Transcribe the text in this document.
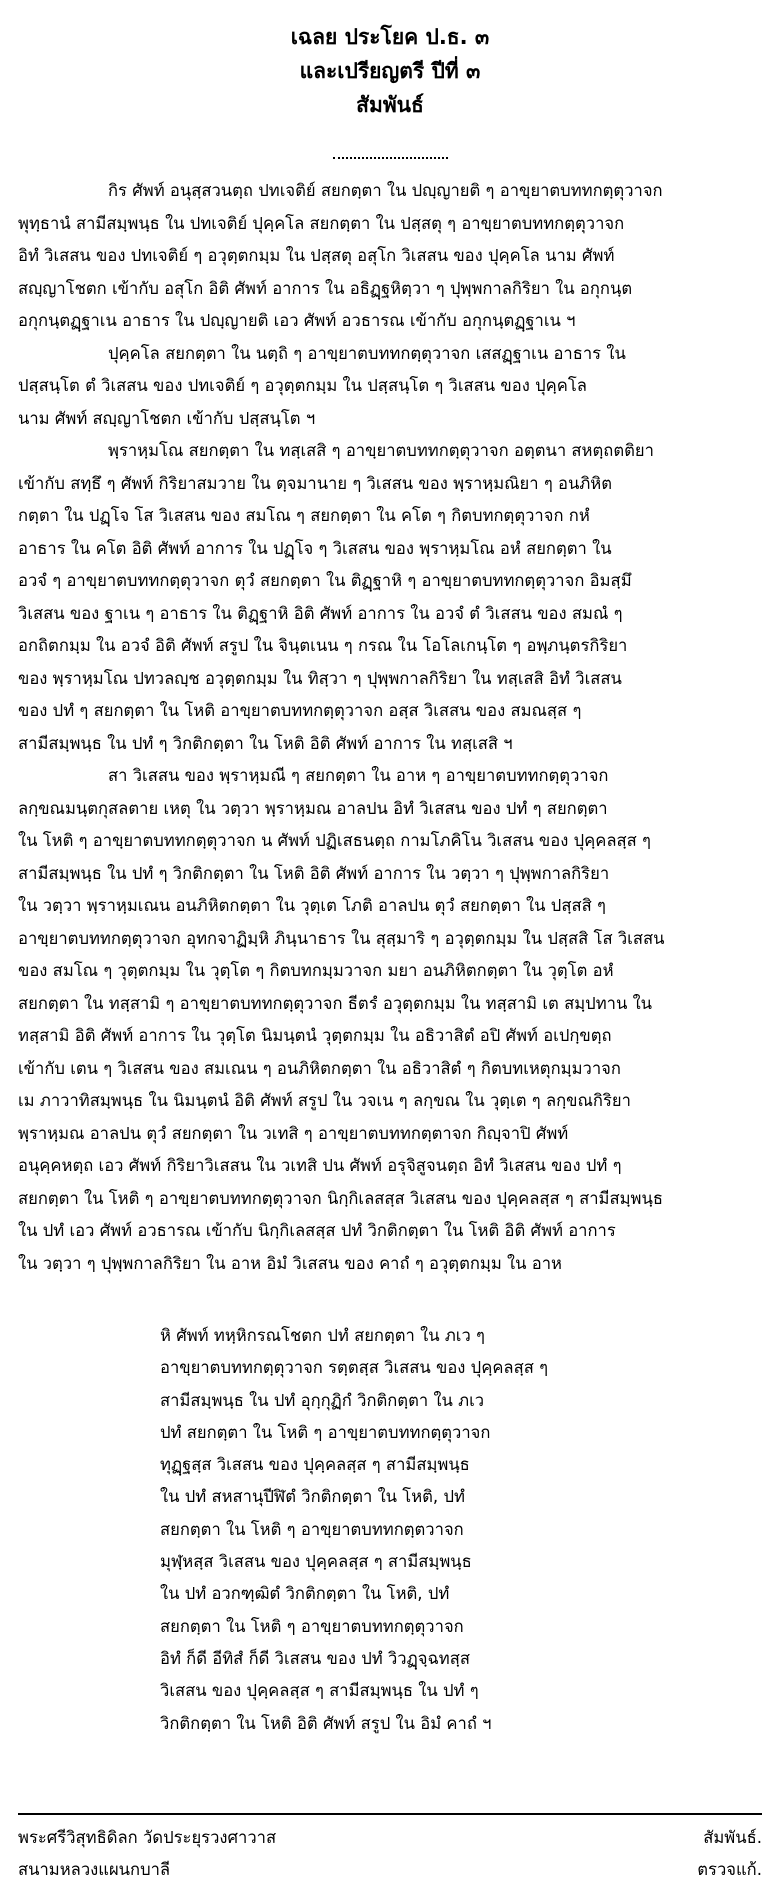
เฉลย ประโยค ป.ธ. ๓
และเปรียญตรี ปีที่ ๓
สัมพันธ์
กิร ศัพท์ อนุสฺสวนตฺถ ปทเจติย์ สยกตฺตา ใน ปญฺญายติ ๆ อาขฺยาตบททกตฺตุวาจก
พุทฺธานํ สามีสมฺพนฺธ ใน ปทเจติย์ ปุคฺคโล สยกตฺตา ใน ปสฺสตุ ๆ อาขฺยาตบททกตฺตุวาจก
อิทํ วิเสสน ของ ปทเจติย์ ๆ อวุตฺตกมฺม ใน ปสฺสตุ อสุโก วิเสสน ของ ปุคฺคโล นาม ศัพท์
สญฺญาโชตก เข้ากับ อสุโก อิติ ศัพท์ อาการ ใน อธิฏฺฐหิตฺวา ๆ ปุพฺพกาลกิริยา ใน อกุกนฺต
อกุกนฺตฏฺฐาเน อาธาร ใน ปญฺญายติ เอว ศัพท์ อวธารณ เข้ากับ อกุกนฺตฏฺฐาเน ฯ
ปุคฺคโล สยกตฺตา ใน นตฺถิ ๆ อาขฺยาตบททกตฺตุวาจก เสสฏฺฐาเน อาธาร ใน
ปสฺสนฺโต ตํ วิเสสน ของ ปทเจติย์ ๆ อวุตฺตกมฺม ใน ปสฺสนฺโต ๆ วิเสสน ของ ปุคฺคโล
นาม ศัพท์ สญฺญาโชตก เข้ากับ ปสฺสนฺโต ฯ
พฺราหฺมโณ สยกตฺตา ใน ทสฺเสสิ ๆ อาขฺยาตบททกตฺตุวาจก อตฺตนา สหตฺถตติยา
เข้ากับ สทฺธึ ๆ ศัพท์ กิริยาสมวาย ใน ตฺจมานาย ๆ วิเสสน ของ พฺราหฺมณิยา ๆ อนภิหิต
กตฺตา ใน ปฏฺโจ โส วิเสสน ของ สมโณ ๆ สยกตฺตา ใน คโต ๆ กิตบทกตฺตุวาจก กหํ
อาธาร ใน คโต อิติ ศัพท์ อาการ ใน ปฏฺโจ ๆ วิเสสน ของ พฺราหฺมโณ อหํ สยกตฺตา ใน
อวจํ ๆ อาขฺยาตบททกตฺตุวาจก ตุวํ สยกตฺตา ใน ติฏฺฐาหิ ๆ อาขฺยาตบททกตฺตุวาจก อิมสฺมึ
วิเสสน ของ ฐาเน ๆ อาธาร ใน ติฏฺฐาหิ อิติ ศัพท์ อาการ ใน อวจํ ตํ วิเสสน ของ สมณํ ๆ
อกถิตกมฺม ใน อวจํ อิติ ศัพท์ สรูป ใน จินฺตเนน ๆ กรณ ใน โอโลเกนฺโต ๆ อพฺภนฺตรกิริยา
ของ พฺราหฺมโณ ปทวลญฺช อวุตฺตกมฺม ใน ทิสฺวา ๆ ปุพฺพกาลกิริยา ใน ทสฺเสสิ อิทํ วิเสสน
ของ ปทํ ๆ สยกตฺตา ใน โหติ อาขฺยาตบททกตฺตุวาจก อสฺส วิเสสน ของ สมณสฺส ๆ
สามีสมฺพนฺธ ใน ปทํ ๆ วิกติกตฺตา ใน โหติ อิติ ศัพท์ อาการ ใน ทสฺเสสิ ฯ
สา วิเสสน ของ พฺราหฺมณี ๆ สยกตฺตา ใน อาห ๆ อาขฺยาตบททกตฺตุวาจก
ลกฺขณมนฺตกุสลตาย เหตุ ใน วตฺวา พฺราหฺมณ อาลปน อิทํ วิเสสน ของ ปทํ ๆ สยกตฺตา
ใน โหติ ๆ อาขฺยาตบททกตฺตุวาจก น ศัพท์ ปฏิเสธนตฺถ กามโภคิโน วิเสสน ของ ปุคฺคลสฺส ๆ
สามีสมฺพนฺธ ใน ปทํ ๆ วิกติกตฺตา ใน โหติ อิติ ศัพท์ อาการ ใน วตฺวา ๆ ปุพฺพกาลกิริยา
ใน วตฺวา พฺราหฺมเณน อนภิหิตกตฺตา ใน วุตฺเต โภติ อาลปน ตุวํ สยกตฺตา ใน ปสฺสสิ ๆ
อาขฺยาตบททกตฺตุวาจก อุทกจาฏิมฺหิ ภินฺนาธาร ใน สุสฺมาริ ๆ อวุตฺตกมฺม ใน ปสฺสสิ โส วิเสสน
ของ สมโณ ๆ วุตฺตกมฺม ใน วุตฺโต ๆ กิตบทกมฺมวาจก มยา อนภิหิตกตฺตา ใน วุตฺโต อหํ
สยกตฺตา ใน ทสฺสามิ ๆ อาขฺยาตบททกตฺตุวาจก ธีตรํ อวุตฺตกมฺม ใน ทสฺสามิ เต สมฺปทาน ใน
ทสฺสามิ อิติ ศัพท์ อาการ ใน วุตฺโต นิมนฺตนํ วุตฺตกมฺม ใน อธิวาสิตํ อปิ ศัพท์ อเปกฺขตฺถ
เข้ากับ เตน ๆ วิเสสน ของ สมเณน ๆ อนภิหิตกตฺตา ใน อธิวาสิตํ ๆ กิตบทเหตุกมฺมวาจก
เม ภาวาทิสมฺพนฺธ ใน นิมนฺตนํ อิติ ศัพท์ สรูป ใน วจเน ๆ ลกฺขณ ใน วุตฺเต ๆ ลกฺขณกิริยา
พฺราหฺมณ อาลปน ตุวํ สยกตฺตา ใน วเทสิ ๆ อาขฺยาตบททกตฺตาจก กิญฺจาปิ ศัพท์
อนุคฺคหตฺถ เอว ศัพท์ กิริยาวิเสสน ใน วเทสิ ปน ศัพท์ อรุจิสูจนตฺถ อิทํ วิเสสน ของ ปทํ ๆ
สยกตฺตา ใน โหติ ๆ อาขฺยาตบททกตฺตุวาจก นิกฺกิเลสสฺส วิเสสน ของ ปุคฺคลสฺส ๆ สามีสมฺพนฺธ
ใน ปทํ เอว ศัพท์ อวธารณ เข้ากับ นิกฺกิเลสสฺส ปทํ วิกติกตฺตา ใน โหติ อิติ ศัพท์ อาการ
ใน วตฺวา ๆ ปุพฺพกาลกิริยา ใน อาห อิมํ วิเสสน ของ คาถํ ๆ อวุตฺตกมฺม ใน อาห
หิ ศัพท์ ทหฺหิกรณโชตก ปทํ สยกตฺตา ใน ภเว ๆ
อาขฺยาตบททกตฺตุวาจก รตฺตสฺส วิเสสน ของ ปุคฺคลสฺส ๆ
สามีสมฺพนฺธ ใน ปทํ อุกฺกุฏิกํ วิกติกตฺตา ใน ภเว
ปทํ สยกตฺตา ใน โหติ ๆ อาขฺยาตบททกตฺตุวาจก
ทุฏฺฐสฺส วิเสสน ของ ปุคฺคลสฺส ๆ สามีสมฺพนฺธ
ใน ปทํ สหสานุปีฬิตํ วิกติกตฺตา ใน โหติ, ปทํ
สยกตฺตา ใน โหติ ๆ อาขฺยาตบททกตฺตวาจก
มุฬฺหสฺส วิเสสน ของ ปุคฺคลสฺส ๆ สามีสมฺพนฺธ
ใน ปทํ อวกฑฺฒิตํ วิกติกตฺตา ใน โหติ, ปทํ
สยกตฺตา ใน โหติ ๆ อาขฺยาตบททกตฺตุวาจก
อิทํ ก็ดี อีทิสํ ก็ดี วิเสสน ของ ปทํ วิวฏฺจฺฉทสฺส
วิเสสน ของ ปุคฺคลสฺส ๆ สามีสมฺพนฺธ ใน ปทํ ๆ
วิกติกตฺตา ใน โหติ อิติ ศัพท์ สรูป ใน อิมํ คาถํ ฯ
พระศรีวิสุทธิดิลก วัดประยุรวงศาวาส	สัมพันธ์.
สนามหลวงแผนกบาลี	ตรวจแก้.
